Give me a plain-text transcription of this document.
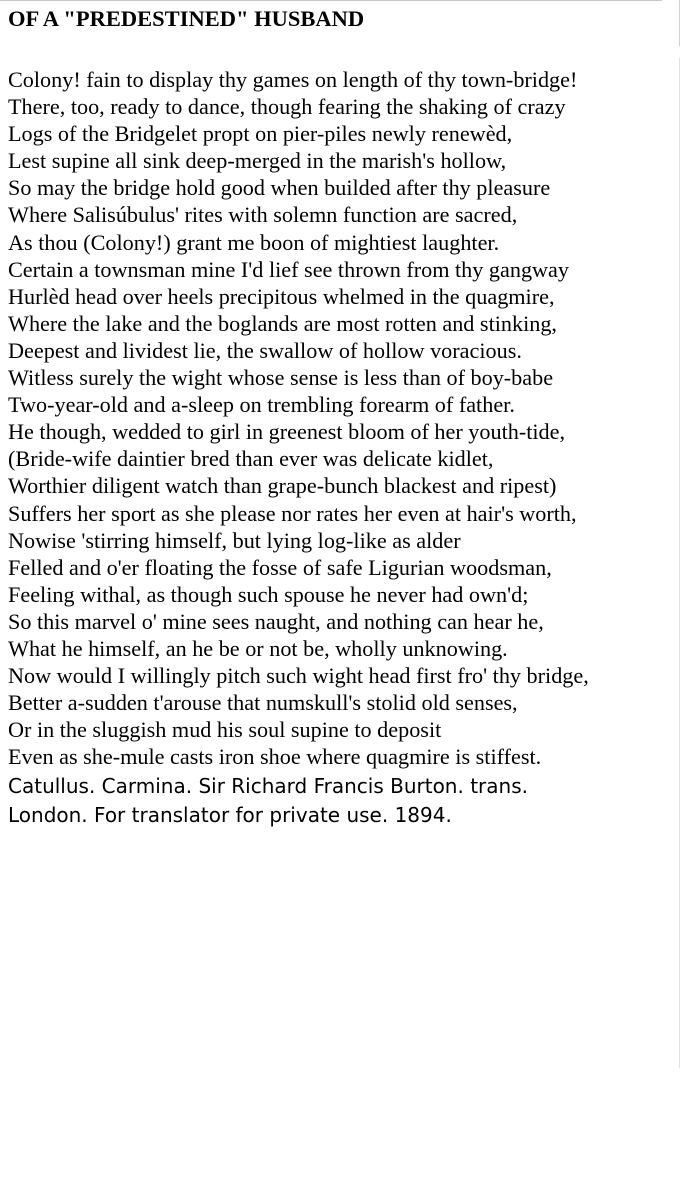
OF A "PREDESTINED" HUSBAND
Colony! fain to display thy games on length of thy town-bridge!
There, too, ready to dance, though fearing the shaking of crazy
Logs of the Bridgelet propt on pier-piles newly renewèd,
Lest supine all sink deep-merged in the marish's hollow,
So may the bridge hold good when builded after thy pleasure
Where Salisúbulus' rites with solemn function are sacred,
As thou (Colony!) grant me boon of mightiest laughter.
Certain a townsman mine I'd lief see thrown from thy gangway
Hurlèd head over heels precipitous whelmed in the quagmire,
Where the lake and the boglands are most rotten and stinking,
Deepest and lividest lie, the swallow of hollow voracious.
Witless surely the wight whose sense is less than of boy-babe
Two-year-old and a-sleep on trembling forearm of father.
He though, wedded to girl in greenest bloom of her youth-tide,
(Bride-wife daintier bred than ever was delicate kidlet,
Worthier diligent watch than grape-bunch blackest and ripest)
Suffers her sport as she please nor rates her even at hair's worth,
Nowise 'stirring himself, but lying log-like as alder
Felled and o'er floating the fosse of safe Ligurian woodsman,
Feeling withal, as though such spouse he never had own'd;
So this marvel o' mine sees naught, and nothing can hear he,
What he himself, an he be or not be, wholly unknowing.
Now would I willingly pitch such wight head first fro' thy bridge,
Better a-sudden t'arouse that numskull's stolid old senses,
Or in the sluggish mud his soul supine to deposit
Even as she-mule casts iron shoe where quagmire is stiffest.
Catullus. Carmina. Sir Richard Francis Burton. trans.
London. For translator for private use. 1894.
